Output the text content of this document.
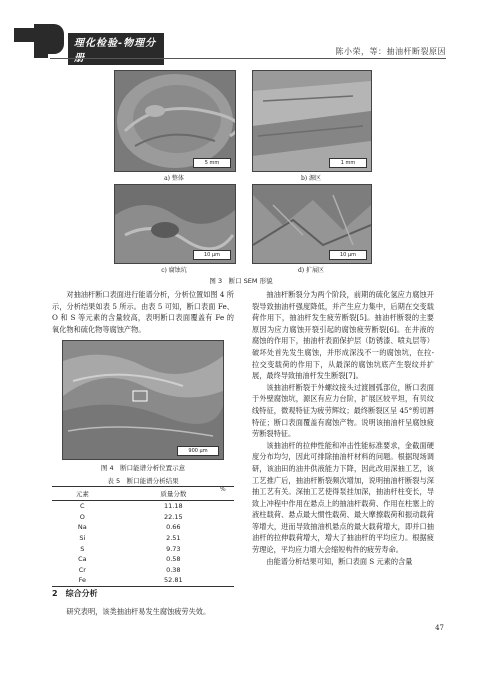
理化检验-物理分册
陈小荣，等：抽油杆断裂原因
5 mm
a) 整体
1 mm
b) 源区
10 μm
c) 腐蚀坑
10 μm
d) 扩展区
图 3　断口 SEM 形貌

对抽油杆断口表面进行能谱分析，分析位置如图 4 所示，分析结果如表 5 所示。由表 5 可知，断口表面 Fe、O 和 S 等元素的含量较高，表明断口表面覆盖有 Fe 的氧化物和硫化物等腐蚀产物。

900 μm
图 4　断口能谱分析位置示意
表 5　断口能谱分析结果
%
元素	质量分数
C	11.18
O	22.15
Na	0.66
Si	2.51
S	9.73
Ca	0.58
Cr	0.38
Fe	52.81
2　综合分析

研究表明，该类抽油杆易发生腐蚀疲劳失效。

抽油杆断裂分为两个阶段，前期的硫化氢应力腐蚀开裂导致抽油杆强度降低，并产生应力集中，后期在交变载荷作用下，抽油杆发生疲劳断裂[5]。抽油杆断裂的主要原因为应力腐蚀开裂引起的腐蚀疲劳断裂[6]。在井液的腐蚀的作用下，抽油杆表面保护层（防锈漆、喷丸层等）破坏处首先发生腐蚀，并形成深浅不一的腐蚀坑，在拉-拉交变载荷的作用下，从最深的腐蚀坑底产生裂纹并扩展，最终导致抽油杆发生断裂[7]。

该抽油杆断裂于外螺纹接头过渡圆弧部位，断口表面于外壁腐蚀坑，源区有应力台阶，扩展区较平坦，有贝纹线特征，微观特征为疲劳辉纹；最终断裂区呈 45°剪切唇特征；断口表面覆盖有腐蚀产物。说明该抽油杆呈腐蚀疲劳断裂特征。

该抽油杆的拉伸性能和冲击性能标准要求，金截面硬度分布均匀，因此可排除抽油杆材料的问题。根据现场调研，该油田的油井供液能力下降，因此改用深抽工艺，该工艺推广后，抽油杆断裂频次增加，说明抽油杆断裂与深抽工艺有关。深抽工艺使得泵挂加深，抽油杆柱变长，导致上冲程中作用在悬点上的抽油杆载荷、作用在柱塞上的液柱载荷、悬点最大惯性载荷、最大摩擦载荷和振动载荷等增大，进而导致抽油机悬点的最大载荷增大，即并口抽油杆的拉伸载荷增大，增大了抽油杆的平均应力。根据疲劳理论，平均应力增大会缩短构件的疲劳寿命。

由能谱分析结果可知，断口表面 S 元素的含量

47
